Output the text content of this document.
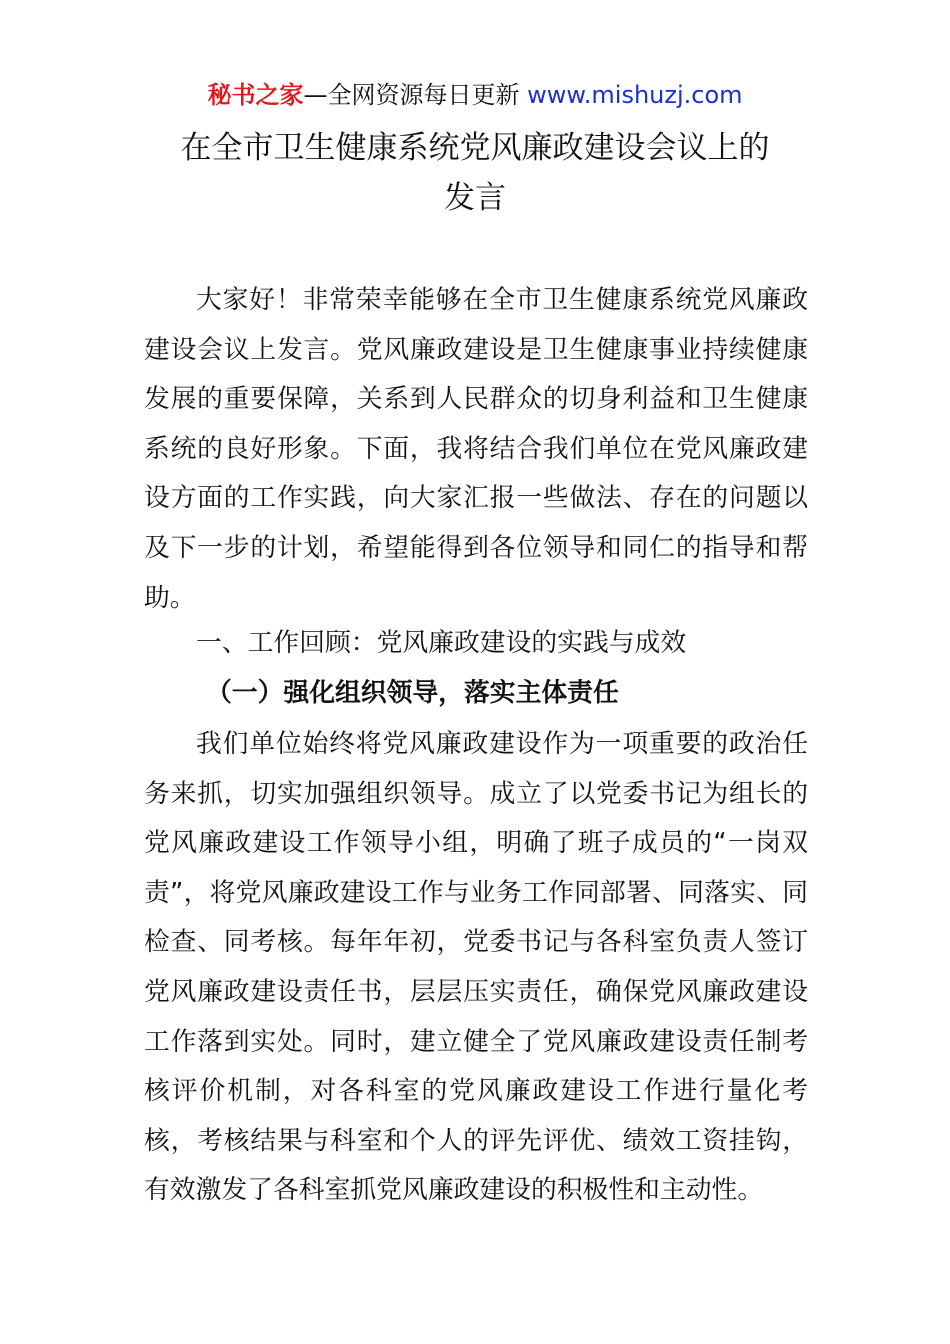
秘书之家—全网资源每日更新 www.mishuzj.com
在全市卫生健康系统党风廉政建设会议上的
发言

大家好！非常荣幸能够在全市卫生健康系统党风廉政建设会议上发言。党风廉政建设是卫生健康事业持续健康发展的重要保障，关系到人民群众的切身利益和卫生健康系统的良好形象。下面，我将结合我们单位在党风廉政建设方面的工作实践，向大家汇报一些做法、存在的问题以及下一步的计划，希望能得到各位领导和同仁的指导和帮助。

一、工作回顾：党风廉政建设的实践与成效
（一）强化组织领导，落实主体责任

我们单位始终将党风廉政建设作为一项重要的政治任务来抓，切实加强组织领导。成立了以党委书记为组长的党风廉政建设工作领导小组，明确了班子成员的“一岗双责”，将党风廉政建设工作与业务工作同部署、同落实、同检查、同考核。每年年初，党委书记与各科室负责人签订党风廉政建设责任书，层层压实责任，确保党风廉政建设工作落到实处。同时，建立健全了党风廉政建设责任制考核评价机制，对各科室的党风廉政建设工作进行量化考核，考核结果与科室和个人的评先评优、绩效工资挂钩，有效激发了各科室抓党风廉政建设的积极性和主动性。
